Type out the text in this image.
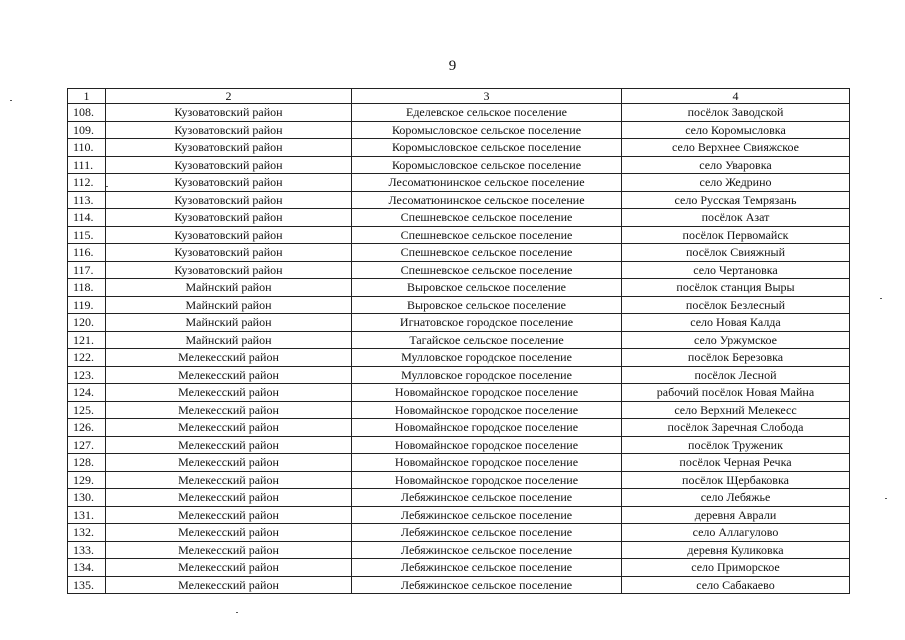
9
1	2	3	4
108.	Кузоватовский район	Еделевское сельское поселение	посёлок Заводской
109.	Кузоватовский район	Коромысловское сельское поселение	село Коромысловка
110.	Кузоватовский район	Коромысловское сельское поселение	село Верхнее Свияжское
111.	Кузоватовский район	Коромысловское сельское поселение	село Уваровка
112.	Кузоватовский район	Лесоматюнинское сельское поселение	село Жедрино
113.	Кузоватовский район	Лесоматюнинское сельское поселение	село Русская Темрязань
114.	Кузоватовский район	Спешневское сельское поселение	посёлок Азат
115.	Кузоватовский район	Спешневское сельское поселение	посёлок Первомайск
116.	Кузоватовский район	Спешневское сельское поселение	посёлок Свияжный
117.	Кузоватовский район	Спешневское сельское поселение	село Чертановка
118.	Майнский район	Выровское сельское поселение	посёлок станция Выры
119.	Майнский район	Выровское сельское поселение	посёлок Безлесный
120.	Майнский район	Игнатовское городское поселение	село Новая Калда
121.	Майнский район	Тагайское сельское поселение	село Уржумское
122.	Мелекесский район	Мулловское городское поселение	посёлок Березовка
123.	Мелекесский район	Мулловское городское поселение	посёлок Лесной
124.	Мелекесский район	Новомайнское городское поселение	рабочий посёлок Новая Майна
125.	Мелекесский район	Новомайнское городское поселение	село Верхний Мелекесс
126.	Мелекесский район	Новомайнское городское поселение	посёлок Заречная Слобода
127.	Мелекесский район	Новомайнское городское поселение	посёлок Труженик
128.	Мелекесский район	Новомайнское городское поселение	посёлок Черная Речка
129.	Мелекесский район	Новомайнское городское поселение	посёлок Щербаковка
130.	Мелекесский район	Лебяжинское сельское поселение	село Лебяжье
131.	Мелекесский район	Лебяжинское сельское поселение	деревня Аврали
132.	Мелекесский район	Лебяжинское сельское поселение	село Аллагулово
133.	Мелекесский район	Лебяжинское сельское поселение	деревня Куликовка
134.	Мелекесский район	Лебяжинское сельское поселение	село Приморское
135.	Мелекесский район	Лебяжинское сельское поселение	село Сабакаево
